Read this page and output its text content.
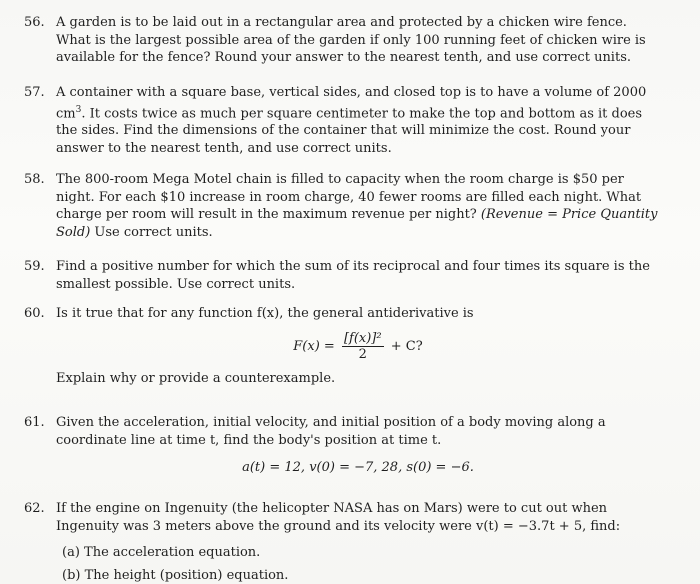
56. A garden is to be laid out in a rectangular area and protected by a chicken wire fence. What is the largest possible area of the garden if only 100 running feet of chicken wire is available for the fence? Round your answer to the nearest tenth, and use correct units.
57. A container with a square base, vertical sides, and closed top is to have a volume of 2000 $cm^3$. It costs twice as much per square centimeter to make the top and bottom as it does the sides. Find the dimensions of the container that will minimize the cost. Round your answer to the nearest tenth, and use correct units.
58. The 800-room Mega Motel chain is filled to capacity when the room charge is $50 per night. For each $10 increase in room charge, 40 fewer rooms are filled each night. What charge per room will result in the maximum revenue per night? (Revenue = Price Quantity Sold) Use correct units.
59. Find a positive number for which the sum of its reciprocal and four times its square is the smallest possible. Use correct units.
60. Is it true that for any function f(x), the general antiderivative is
$F(x) = \frac{\text{[f(x)]²}}{2} + C$?
Explain why or provide a counterexample.
61. Given the acceleration, initial velocity, and initial position of a body moving along a coordinate line at time t, find the body's position at time t.
a(t) = 12, v(0) = −7, 28, s(0) = −6.
62. If the engine on Ingenuity (the helicopter NASA has on Mars) were to cut out when Ingenuity was 3 meters above the ground and its velocity were v(t) = −3.7t + 5, find:
(a) The acceleration equation.
(b) The height (position) equation.
